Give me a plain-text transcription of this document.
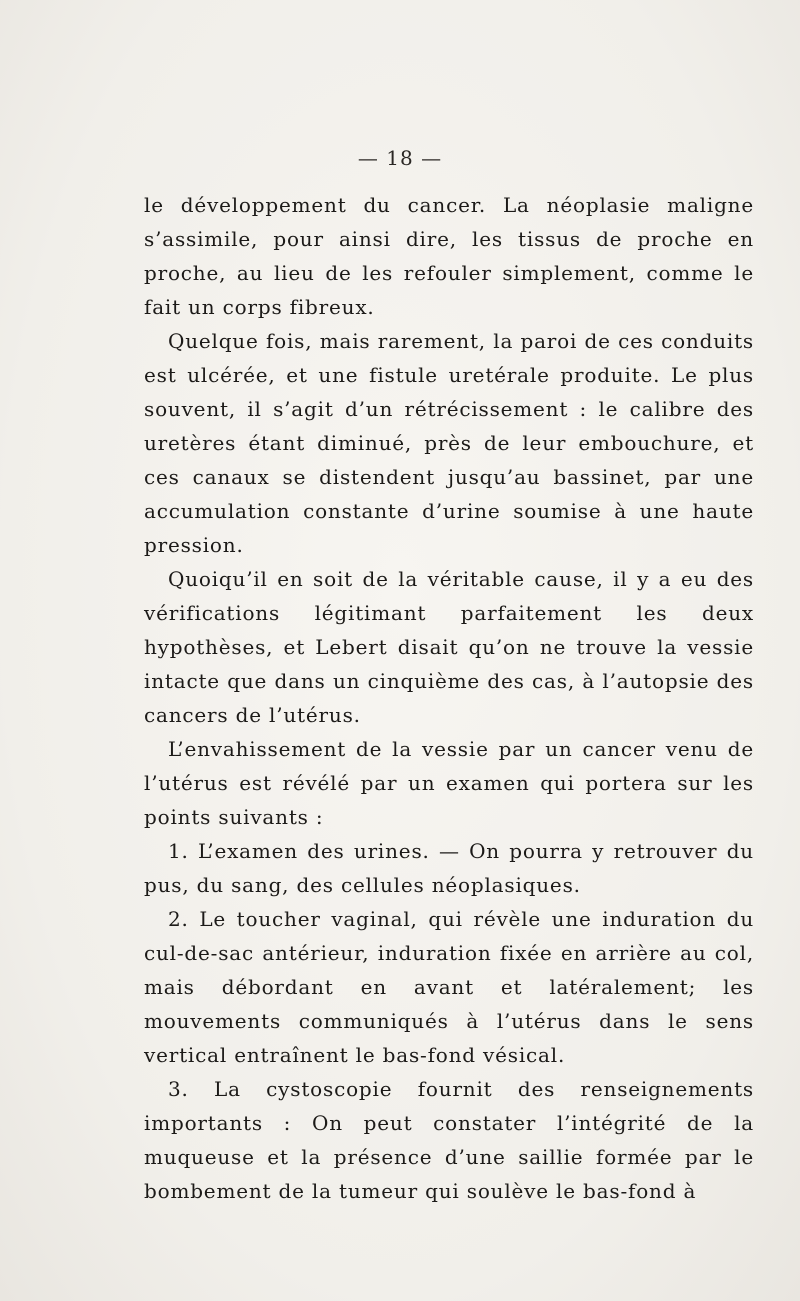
— 18 —

le développement du cancer. La néoplasie maligne s’assimile, pour ainsi dire, les tissus de proche en proche, au lieu de les refouler simplement, comme le fait un corps fibreux.

Quelque fois, mais rarement, la paroi de ces conduits est ulcérée, et une fistule uretérale produite. Le plus souvent, il s’agit d’un rétrécissement : le calibre des uretères étant diminué, près de leur embouchure, et ces canaux se distendent jusqu’au bassinet, par une accumulation constante d’urine soumise à une haute pression.

Quoiqu’il en soit de la véritable cause, il y a eu des vérifications légitimant parfaitement les deux hypothèses, et Lebert disait qu’on ne trouve la vessie intacte que dans un cinquième des cas, à l’autopsie des cancers de l’utérus.

L’envahissement de la vessie par un cancer venu de l’utérus est révélé par un examen qui portera sur les points suivants :

1. L’examen des urines. — On pourra y retrouver du pus, du sang, des cellules néoplasiques.

2. Le toucher vaginal, qui révèle une induration du cul-de-sac antérieur, induration fixée en arrière au col, mais débordant en avant et latéralement; les mouvements communiqués à l’utérus dans le sens vertical entraînent le bas-fond vésical.

3. La cystoscopie fournit des renseignements importants : On peut constater l’intégrité de la muqueuse et la présence d’une saillie formée par le bombement de la tumeur qui soulève le bas-fond à
